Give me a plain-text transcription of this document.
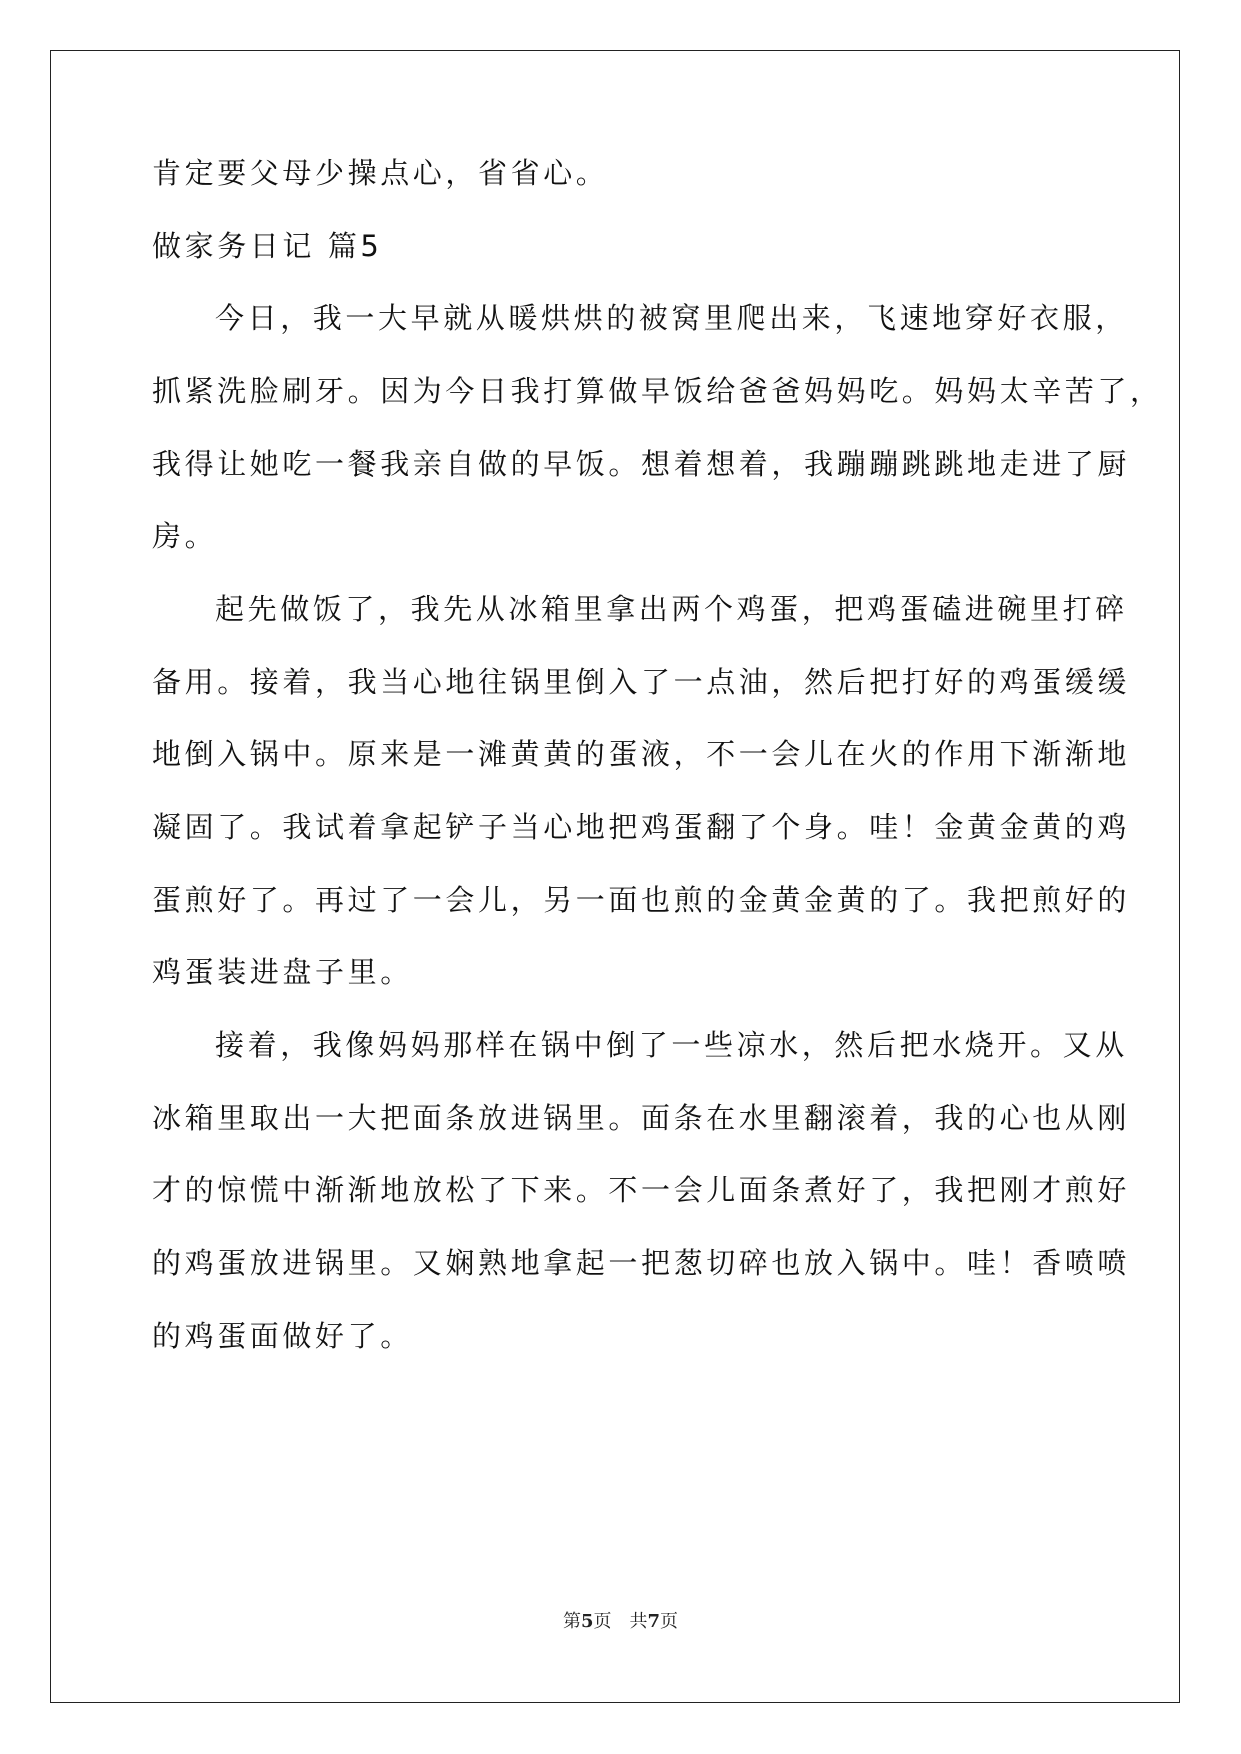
肯定要父母少操点心，省省心。
做家务日记 篇5
今日，我一大早就从暖烘烘的被窝里爬出来，飞速地穿好衣服，
抓紧洗脸刷牙。因为今日我打算做早饭给爸爸妈妈吃。妈妈太辛苦了，
我得让她吃一餐我亲自做的早饭。想着想着，我蹦蹦跳跳地走进了厨
房。
起先做饭了，我先从冰箱里拿出两个鸡蛋，把鸡蛋磕进碗里打碎
备用。接着，我当心地往锅里倒入了一点油，然后把打好的鸡蛋缓缓
地倒入锅中。原来是一滩黄黄的蛋液，不一会儿在火的作用下渐渐地
凝固了。我试着拿起铲子当心地把鸡蛋翻了个身。哇！金黄金黄的鸡
蛋煎好了。再过了一会儿，另一面也煎的金黄金黄的了。我把煎好的
鸡蛋装进盘子里。
接着，我像妈妈那样在锅中倒了一些凉水，然后把水烧开。又从
冰箱里取出一大把面条放进锅里。面条在水里翻滚着，我的心也从刚
才的惊慌中渐渐地放松了下来。不一会儿面条煮好了，我把刚才煎好
的鸡蛋放进锅里。又娴熟地拿起一把葱切碎也放入锅中。哇！香喷喷
的鸡蛋面做好了。
第5页 共7页
